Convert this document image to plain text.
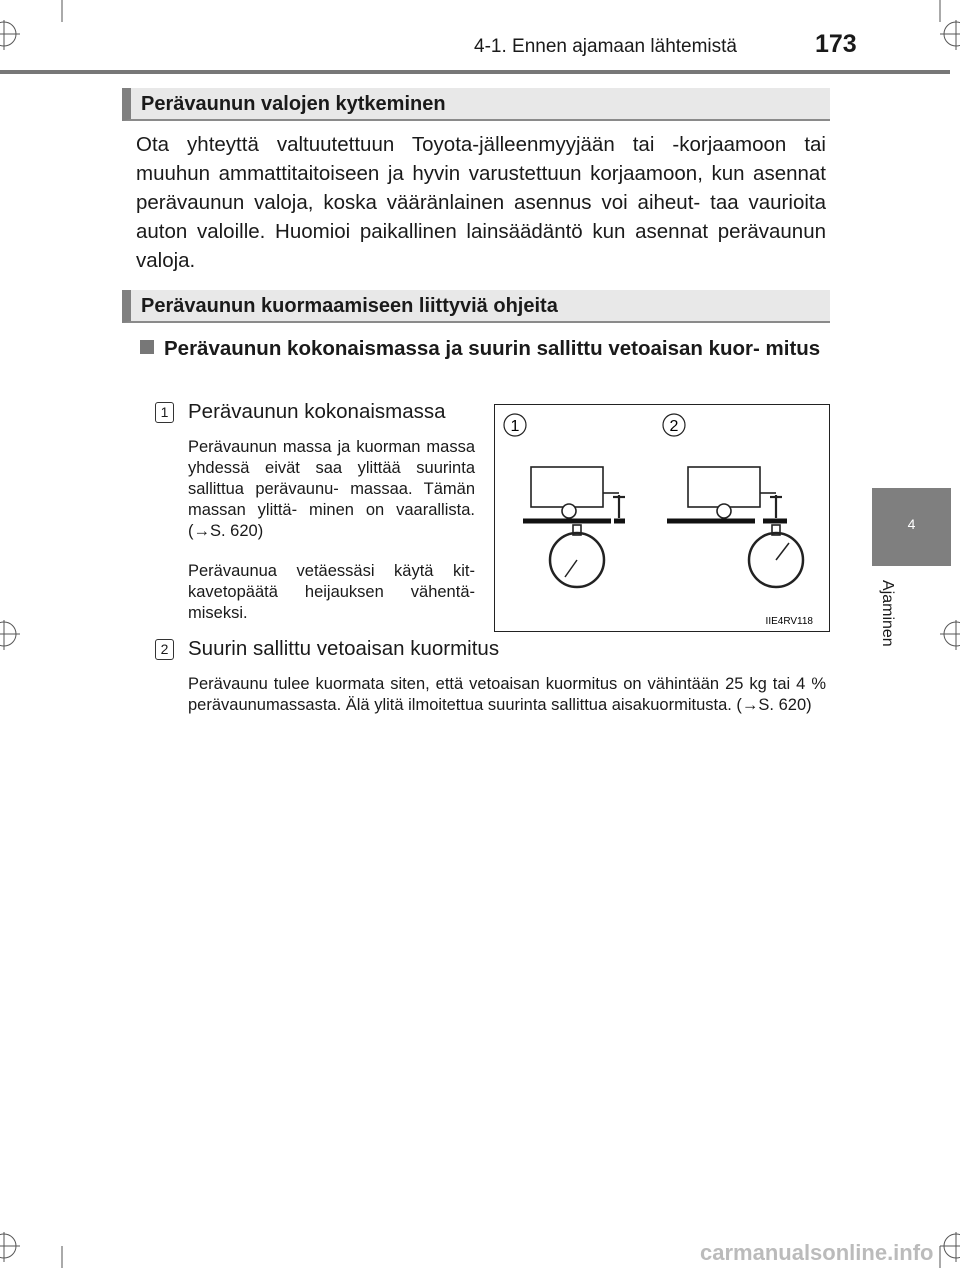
4-1. Ennen ajamaan lähtemistä	173
4
Ajaminen
Perävaunun valojen kytkeminen
Ota yhteyttä valtuutettuun Toyota-jälleenmyyjään tai -korjaamoon tai muuhun ammattitaitoiseen ja hyvin varustettuun korjaamoon, kun asennat perävaunun valoja, koska vääränlainen asennus voi aiheut- taa vaurioita auton valoille. Huomioi paikallinen lainsäädäntö kun asennat perävaunun valoja.
Perävaunun kuormaamiseen liittyviä ohjeita
Perävaunun kokonaismassa ja suurin sallittu vetoaisan kuor- mitus
1 Perävaunun kokonaismassa
Perävaunun massa ja kuorman massa yhdessä eivät saa ylittää suurinta sallittua perävaunu- massaa. Tämän massan ylittä- minen on vaarallista. (→S. 620)
Perävaunua vetäessäsi käytä kit- kavetopäätä heijauksen vähentä- miseksi.
1	2
IIE4RV118
2 Suurin sallittu vetoaisan kuormitus
Perävaunu tulee kuormata siten, että vetoaisan kuormitus on vähintään 25 kg tai 4 % perävaunumassasta. Älä ylitä ilmoitettua suurinta sallittua aisakuormitusta. (→S. 620)
carmanualsonline.info
